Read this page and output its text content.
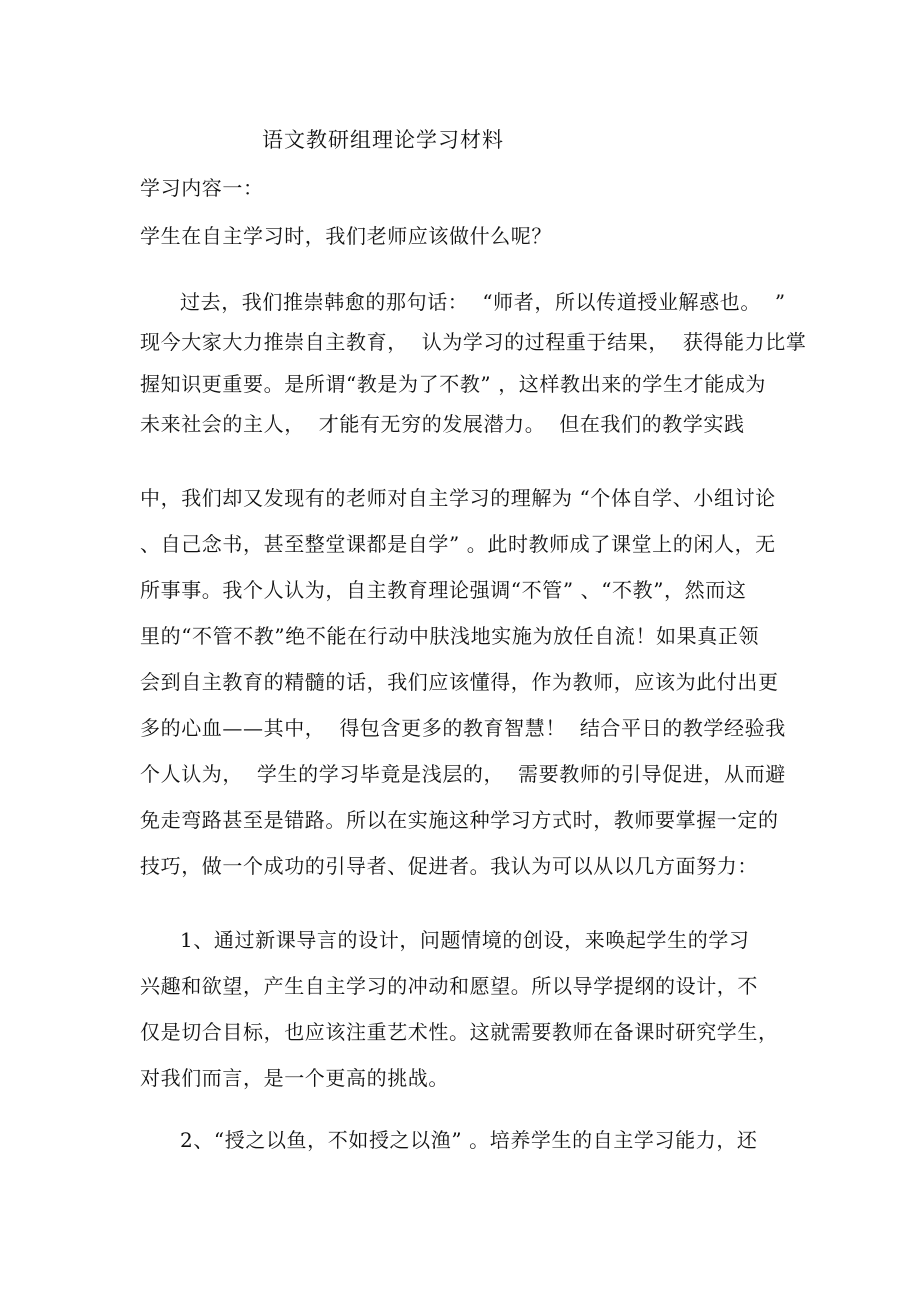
语文教研组理论学习材料
学习内容一：
学生在自主学习时，我们老师应该做什么呢？
过去，我们推崇韩愈的那句话：  “师者，所以传道授业解惑也。  ”
现今大家大力推崇自主教育，  认为学习的过程重于结果，  获得能力比掌
握知识更重要。是所谓“教是为了不教” ，这样教出来的学生才能成为
未来社会的主人，  才能有无穷的发展潜力。  但在我们的教学实践
中，我们却又发现有的老师对自主学习的理解为 “个体自学、小组讨论
、自己念书，甚至整堂课都是自学” 。此时教师成了课堂上的闲人，无
所事事。我个人认为，自主教育理论强调“不管” 、“不教”，然而这
里的“不管不教”绝不能在行动中肤浅地实施为放任自流！如果真正领
会到自主教育的精髓的话，我们应该懂得，作为教师，应该为此付出更
多的心血——其中，  得包含更多的教育智慧！  结合平日的教学经验我
个人认为，  学生的学习毕竟是浅层的，  需要教师的引导促进，从而避
免走弯路甚至是错路。所以在实施这种学习方式时，教师要掌握一定的
技巧，做一个成功的引导者、促进者。我认为可以从以几方面努力：
1、通过新课导言的设计，问题情境的创设，来唤起学生的学习
兴趣和欲望，产生自主学习的冲动和愿望。所以导学提纲的设计，不
仅是切合目标，也应该注重艺术性。这就需要教师在备课时研究学生，
对我们而言，是一个更高的挑战。
2、“授之以鱼，不如授之以渔” 。培养学生的自主学习能力，还
